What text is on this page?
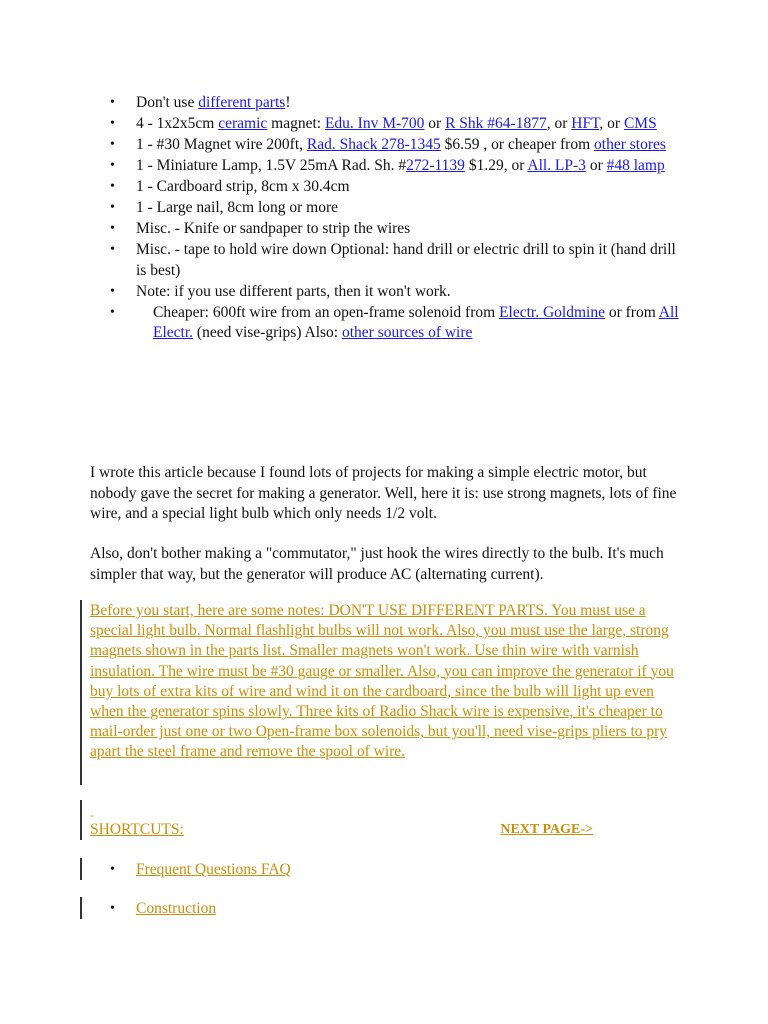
• Don't use different parts!
• 4 - 1x2x5cm ceramic magnet: Edu. Inv M-700 or R Shk #64-1877, or HFT, or CMS
• 1 - #30 Magnet wire 200ft, Rad. Shack 278-1345 $6.59 , or cheaper from other stores
• 1 - Miniature Lamp, 1.5V 25mA Rad. Sh. #272-1139 $1.29, or All. LP-3 or #48 lamp
• 1 - Cardboard strip, 8cm x 30.4cm
• 1 - Large nail, 8cm long or more
• Misc. - Knife or sandpaper to strip the wires
• Misc. - tape to hold wire down Optional: hand drill or electric drill to spin it (hand drill is best)
• Note: if you use different parts, then it won't work.
• Cheaper: 600ft wire from an open-frame solenoid from Electr. Goldmine or from All Electr. (need vise-grips) Also: other sources of wire

I wrote this article because I found lots of projects for making a simple electric motor, but nobody gave the secret for making a generator. Well, here it is: use strong magnets, lots of fine wire, and a special light bulb which only needs 1/2 volt.

Also, don't bother making a "commutator," just hook the wires directly to the bulb. It's much simpler that way, but the generator will produce AC (alternating current).

Before you start, here are some notes: DON'T USE DIFFERENT PARTS. You must use a special light bulb. Normal flashlight bulbs will not work. Also, you must use the large, strong magnets shown in the parts list. Smaller magnets won't work. Use thin wire with varnish insulation. The wire must be #30 gauge or smaller. Also, you can improve the generator if you buy lots of extra kits of wire and wind it on the cardboard, since the bulb will light up even when the generator spins slowly. Three kits of Radio Shack wire is expensive, it's cheaper to mail-order just one or two Open-frame box solenoids, but you'll, need vise-grips pliers to pry apart the steel frame and remove the spool of wire.
-
SHORTCUTS:	NEXT PAGE->
• Frequent Questions FAQ
• Construction
